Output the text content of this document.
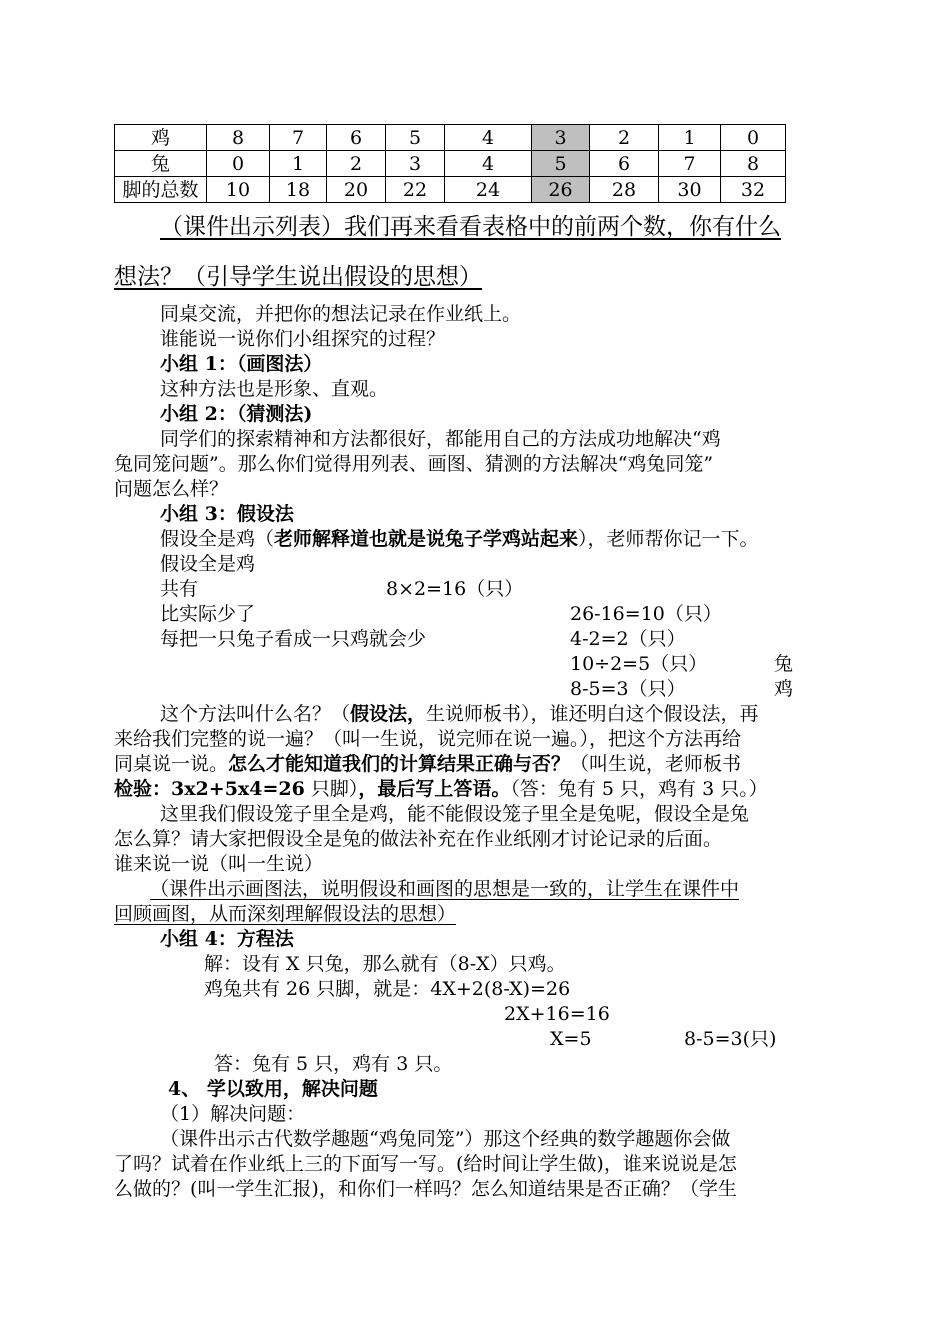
鸡	8	7	6	5	4	3	2	1	0
兔	0	1	2	3	4	5	6	7	8
脚的总数	10	18	20	22	24	26	28	30	32
（课件出示列表）我们再来看看表格中的前两个数，你有什么
想法？（引导学生说出假设的思想）
同桌交流，并把你的想法记录在作业纸上。
谁能说一说你们小组探究的过程？
小组 1：（画图法）
这种方法也是形象、直观。
小组 2：（猜测法)
同学们的探索精神和方法都很好，都能用自己的方法成功地解决“鸡
兔同笼问题”。那么你们觉得用列表、画图、猜测的方法解决“鸡兔同笼”
问题怎么样？
小组 3：假设法
假设全是鸡（老师解释道也就是说兔子学鸡站起来），老师帮你记一下。
假设全是鸡
共有	8×2=16（只）
比实际少了	26-16=10（只）
每把一只兔子看成一只鸡就会少	4-2=2（只）
10÷2=5（只）	兔
8-5=3（只）	鸡
这个方法叫什么名？（假设法，生说师板书），谁还明白这个假设法，再
来给我们完整的说一遍？（叫一生说，说完师在说一遍。），把这个方法再给
同桌说一说。怎么才能知道我们的计算结果正确与否？（叫生说，老师板书
检验：3x2+5x4=26 只脚），最后写上答语。（答：兔有 5 只，鸡有 3 只。）
这里我们假设笼子里全是鸡，能不能假设笼子里全是兔呢，假设全是兔
怎么算？请大家把假设全是兔的做法补充在作业纸刚才讨论记录的后面。
谁来说一说（叫一生说）
（课件出示画图法，说明假设和画图的思想是一致的，让学生在课件中
回顾画图，从而深刻理解假设法的思想）
小组 4：方程法
解：设有 X 只兔，那么就有（8-X）只鸡。
鸡兔共有 26 只脚，就是：4X+2(8-X)=26
2X+16=16
X=5	8-5=3(只)
答：兔有 5 只，鸡有 3 只。
4、 学以致用，解决问题
（1）解决问题：
（课件出示古代数学趣题“鸡兔同笼”）那这个经典的数学趣题你会做
了吗？试着在作业纸上三的下面写一写。(给时间让学生做)，谁来说说是怎
么做的？(叫一学生汇报)，和你们一样吗？怎么知道结果是否正确？（学生
